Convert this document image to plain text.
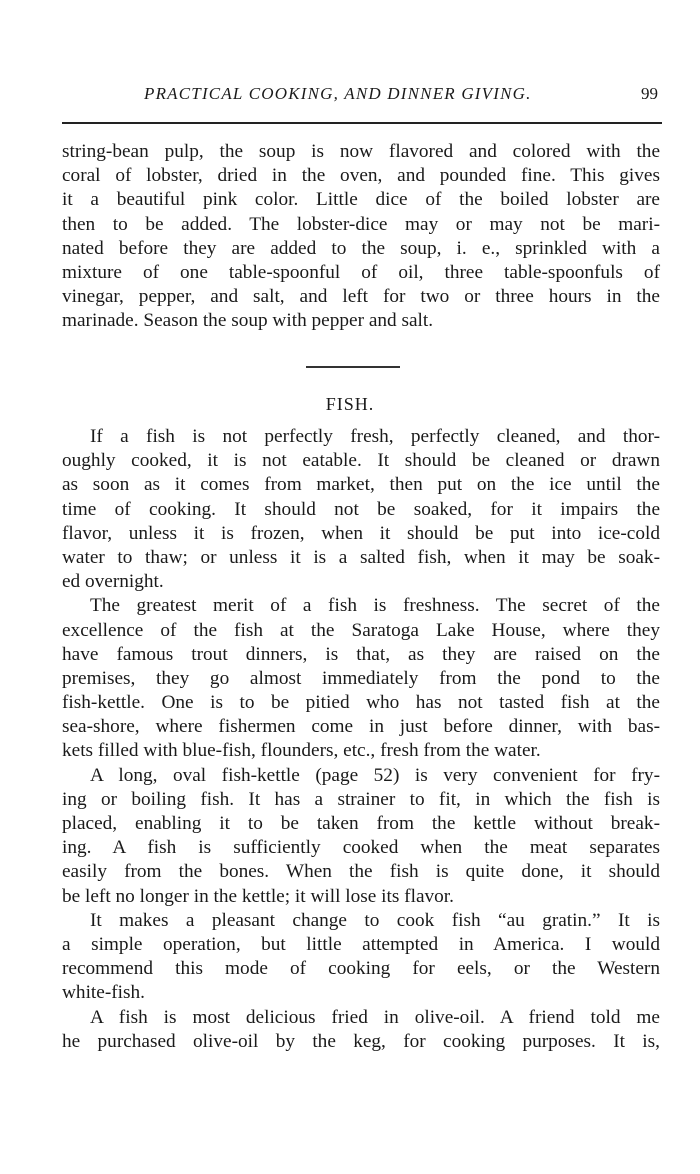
PRACTICAL COOKING, AND DINNER GIVING.	99
string-bean pulp, the soup is now flavored and colored with the
coral of lobster, dried in the oven, and pounded fine. This gives
it a beautiful pink color. Little dice of the boiled lobster are
then to be added. The lobster-dice may or may not be mari-
nated before they are added to the soup, i. e., sprinkled with a
mixture of one table-spoonful of oil, three table-spoonfuls of
vinegar, pepper, and salt, and left for two or three hours in the
marinade. Season the soup with pepper and salt.
FISH.
If a fish is not perfectly fresh, perfectly cleaned, and thor-
oughly cooked, it is not eatable. It should be cleaned or drawn
as soon as it comes from market, then put on the ice until the
time of cooking. It should not be soaked, for it impairs the
flavor, unless it is frozen, when it should be put into ice-cold
water to thaw; or unless it is a salted fish, when it may be soak-
ed overnight.
The greatest merit of a fish is freshness. The secret of the
excellence of the fish at the Saratoga Lake House, where they
have famous trout dinners, is that, as they are raised on the
premises, they go almost immediately from the pond to the
fish-kettle. One is to be pitied who has not tasted fish at the
sea-shore, where fishermen come in just before dinner, with bas-
kets filled with blue-fish, flounders, etc., fresh from the water.
A long, oval fish-kettle (page 52) is very convenient for fry-
ing or boiling fish. It has a strainer to fit, in which the fish is
placed, enabling it to be taken from the kettle without break-
ing. A fish is sufficiently cooked when the meat separates
easily from the bones. When the fish is quite done, it should
be left no longer in the kettle; it will lose its flavor.
It makes a pleasant change to cook fish “au gratin.” It is
a simple operation, but little attempted in America. I would
recommend this mode of cooking for eels, or the Western
white-fish.
A fish is most delicious fried in olive-oil. A friend told me
he purchased olive-oil by the keg, for cooking purposes. It is,
